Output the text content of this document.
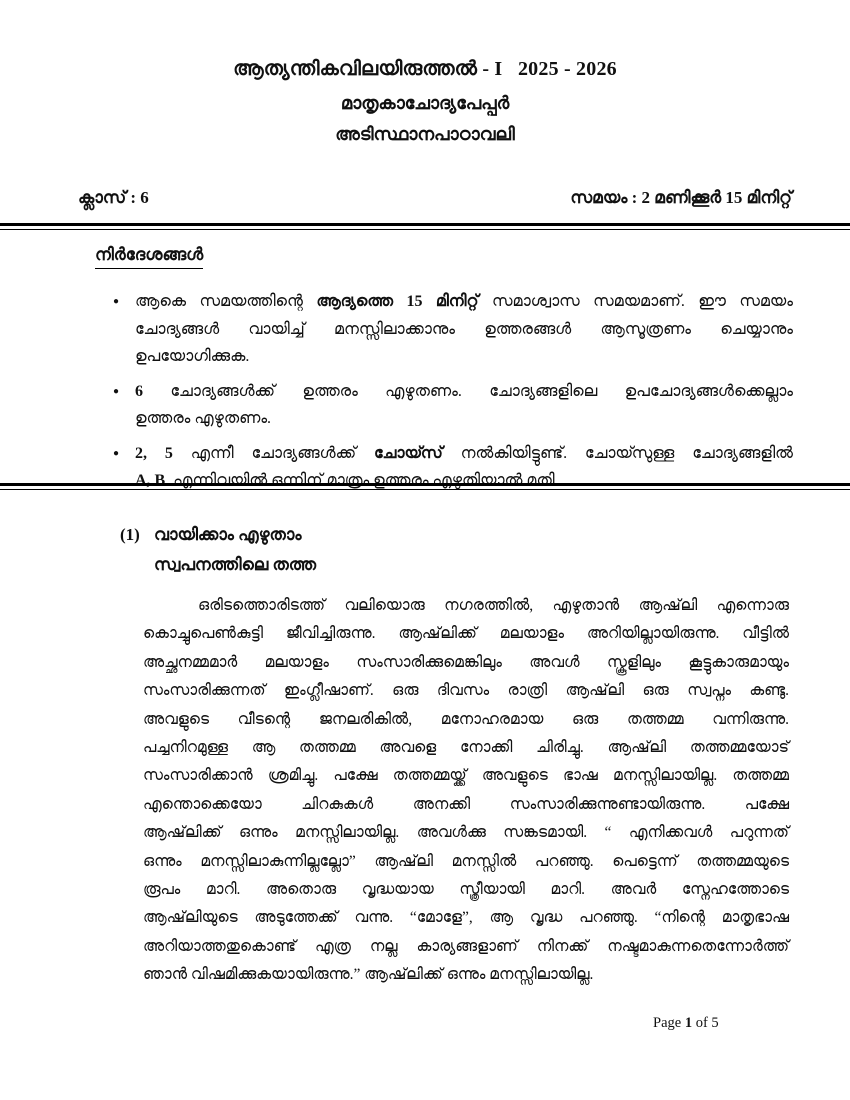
ആത്യന്തികവിലയിരുത്തൽ - I   2025 - 2026
മാതൃകാചോദ്യപേപ്പർ
അടിസ്ഥാനപാഠാവലി
ക്ലാസ് : 6	സമയം : 2 മണിക്കൂർ 15 മിനിറ്റ്
നിർദേശങ്ങൾ
● ആകെ സമയത്തിന്റെ ആദ്യത്തെ 15 മിനിറ്റ് സമാശ്വാസ സമയമാണ്. ഈ സമയം
ചോദ്യങ്ങൾ വായിച്ച് മനസ്സിലാക്കാനും ഉത്തരങ്ങൾ ആസൂത്രണം ചെയ്യാനും
ഉപയോഗിക്കുക.
● 6 ചോദ്യങ്ങൾക്ക് ഉത്തരം എഴുതണം. ചോദ്യങ്ങളിലെ ഉപചോദ്യങ്ങൾക്കെല്ലാം
ഉത്തരം എഴുതണം.
● 2, 5 എന്നീ ചോദ്യങ്ങൾക്ക് ചോയ്സ് നൽകിയിട്ടുണ്ട്. ചോയ്സുള്ള ചോദ്യങ്ങളിൽ
A, B  എന്നിവയിൽ ഒന്നിന് മാത്രം ഉത്തരം എഴുതിയാൽ മതി.
(1) വായിക്കാം എഴുതാം
സ്വപനത്തിലെ തത്ത
ഒരിടത്തൊരിടത്ത് വലിയൊരു നഗരത്തിൽ, എഴുതാൻ ആഷ്‌ലി എന്നൊരു
കൊച്ചുപെൺകുട്ടി ജീവിച്ചിരുന്നു. ആഷ്‌ലിക്ക് മലയാളം അറിയില്ലായിരുന്നു. വീട്ടിൽ
അച്ഛനമ്മമാർ മലയാളം സംസാരിക്കുമെങ്കിലും അവൾ സ്കൂളിലും കൂട്ടുകാരുമായും
സംസാരിക്കുന്നത് ഇംഗ്ലീഷാണ്. ഒരു ദിവസം രാത്രി ആഷ്‌ലി ഒരു സ്വപ്നം കണ്ടു.
അവളുടെ വീടന്റെ ജനലരികിൽ, മനോഹരമായ ഒരു തത്തമ്മ വന്നിരുന്നു.
പച്ചനിറമുള്ള ആ തത്തമ്മ അവളെ നോക്കി ചിരിച്ചു. ആഷ്‌ലി തത്തമ്മയോട്
സംസാരിക്കാൻ ശ്രമിച്ചു. പക്ഷേ തത്തമ്മയ്ക്ക് അവളുടെ ഭാഷ മനസ്സിലായില്ല. തത്തമ്മ
എന്തൊക്കെയോ ചിറകുകൾ അനക്കി സംസാരിക്കുന്നുണ്ടായിരുന്നു. പക്ഷേ
ആഷ്‌ലിക്ക് ഒന്നും മനസ്സിലായില്ല. അവൾക്കു സങ്കടമായി. “ എനിക്കവൾ പറുന്നത്
ഒന്നും മനസ്സിലാകുന്നില്ലല്ലോ” ആഷ്‌ലി മനസ്സിൽ പറഞ്ഞു. പെട്ടെന്ന് തത്തമ്മയുടെ
രൂപം മാറി. അതൊരു വൃദ്ധയായ സ്ത്രീയായി മാറി. അവർ സ്നേഹത്തോടെ
ആഷ്‌ലിയുടെ അടുത്തേക്ക് വന്നു. “മോളേ”, ആ വൃദ്ധ പറഞ്ഞു. “നിന്റെ മാതൃഭാഷ
അറിയാത്തതുകൊണ്ട് എത്ര നല്ല കാര്യങ്ങളാണ് നിനക്ക് നഷ്ടമാകുന്നതെന്നോർത്ത്
ഞാൻ വിഷമിക്കുകയായിരുന്നു.” ആഷ്‌ലിക്ക് ഒന്നും മനസ്സിലായില്ല.
Page 1 of 5
